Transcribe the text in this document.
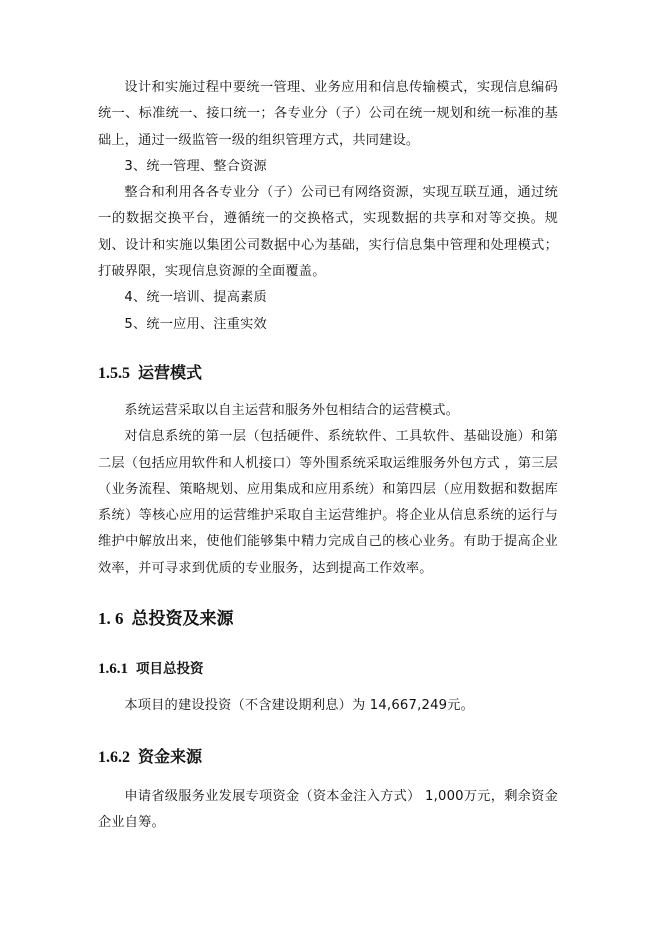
设计和实施过程中要统一管理、业务应用和信息传输模式，实现信息编码统一、标准统一、接口统一；各专业分（子）公司在统一规划和统一标准的基础上，通过一级监管一级的组织管理方式，共同建设。

3、统一管理、整合资源

整合和利用各各专业分（子）公司已有网络资源，实现互联互通，通过统一的数据交换平台，遵循统一的交换格式，实现数据的共享和对等交换。规划、设计和实施以集团公司数据中心为基础，实行信息集中管理和处理模式；打破界限，实现信息资源的全面覆盖。

4、统一培训、提高素质

5、统一应用、注重实效

1.5.5 运营模式

系统运营采取以自主运营和服务外包相结合的运营模式。

对信息系统的第一层（包括硬件、系统软件、工具软件、基础设施）和第二层（包括应用软件和人机接口）等外围系统采取运维服务外包方式 ，第三层（业务流程、策略规划、应用集成和应用系统）和第四层（应用数据和数据库系统）等核心应用的运营维护采取自主运营维护。将企业从信息系统的运行与维护中解放出来，使他们能够集中精力完成自己的核心业务。有助于提高企业效率，并可寻求到优质的专业服务，达到提高工作效率。

1. 6 总投资及来源
1.6.1 项目总投资

本项目的建设投资（不含建设期利息）为 14,667,249元。

1.6.2 资金来源

申请省级服务业发展专项资金（资本金注入方式） 1,000万元，剩余资金企业自筹。
